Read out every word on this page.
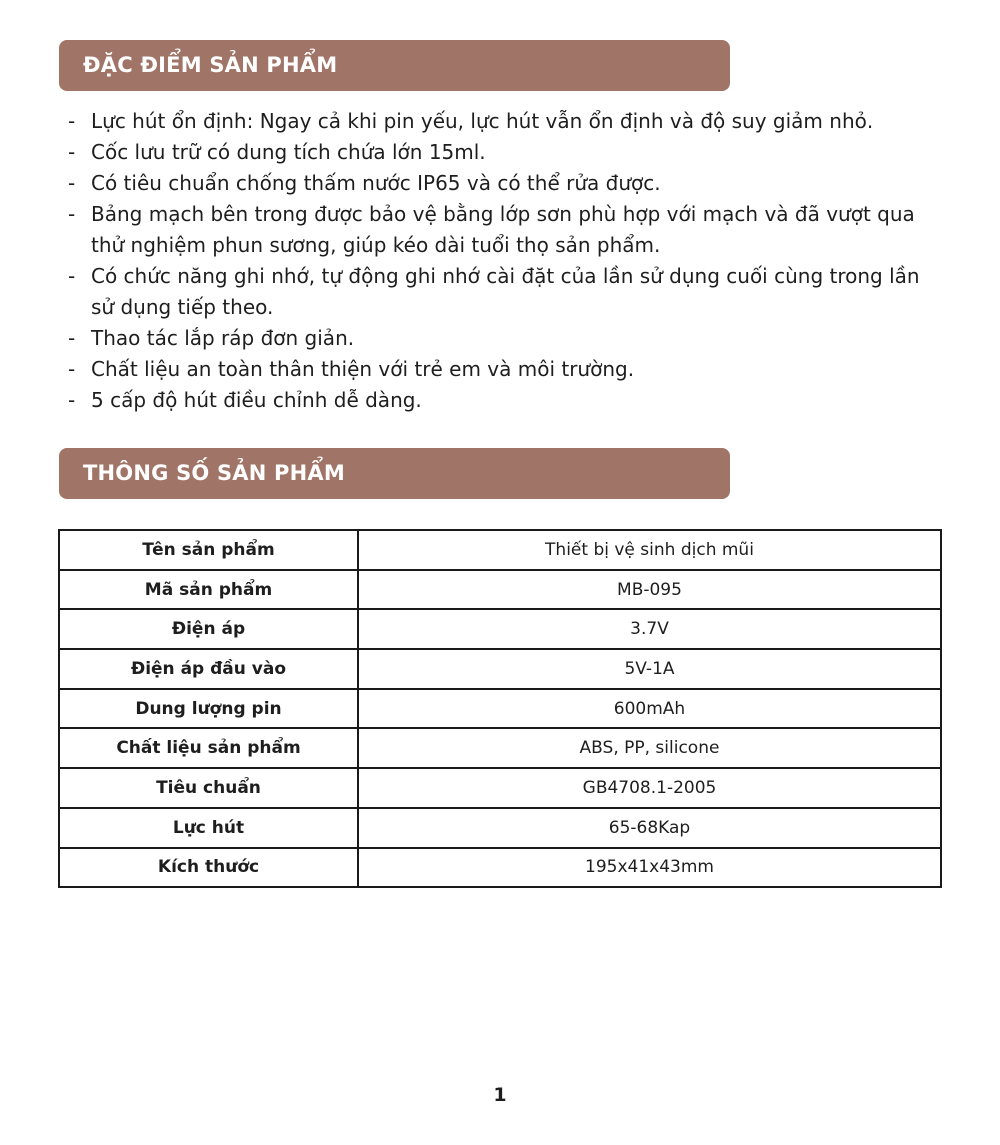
ĐẶC ĐIỂM SẢN PHẨM
- Lực hút ổn định: Ngay cả khi pin yếu, lực hút vẫn ổn định và độ suy giảm nhỏ.
- Cốc lưu trữ có dung tích chứa lớn 15ml.
- Có tiêu chuẩn chống thấm nước IP65 và có thể rửa được.
- Bảng mạch bên trong được bảo vệ bằng lớp sơn phù hợp với mạch và đã vượt qua thử nghiệm phun sương, giúp kéo dài tuổi thọ sản phẩm.
- Có chức năng ghi nhớ, tự động ghi nhớ cài đặt của lần sử dụng cuối cùng trong lần sử dụng tiếp theo.
- Thao tác lắp ráp đơn giản.
- Chất liệu an toàn thân thiện với trẻ em và môi trường.
- 5 cấp độ hút điều chỉnh dễ dàng.
THÔNG SỐ SẢN PHẨM
Tên sản phẩm	Thiết bị vệ sinh dịch mũi
Mã sản phẩm	MB-095
Điện áp	3.7V
Điện áp đầu vào	5V-1A
Dung lượng pin	600mAh
Chất liệu sản phẩm	ABS, PP, silicone
Tiêu chuẩn	GB4708.1-2005
Lực hút	65-68Kap
Kích thước	195x41x43mm
1
